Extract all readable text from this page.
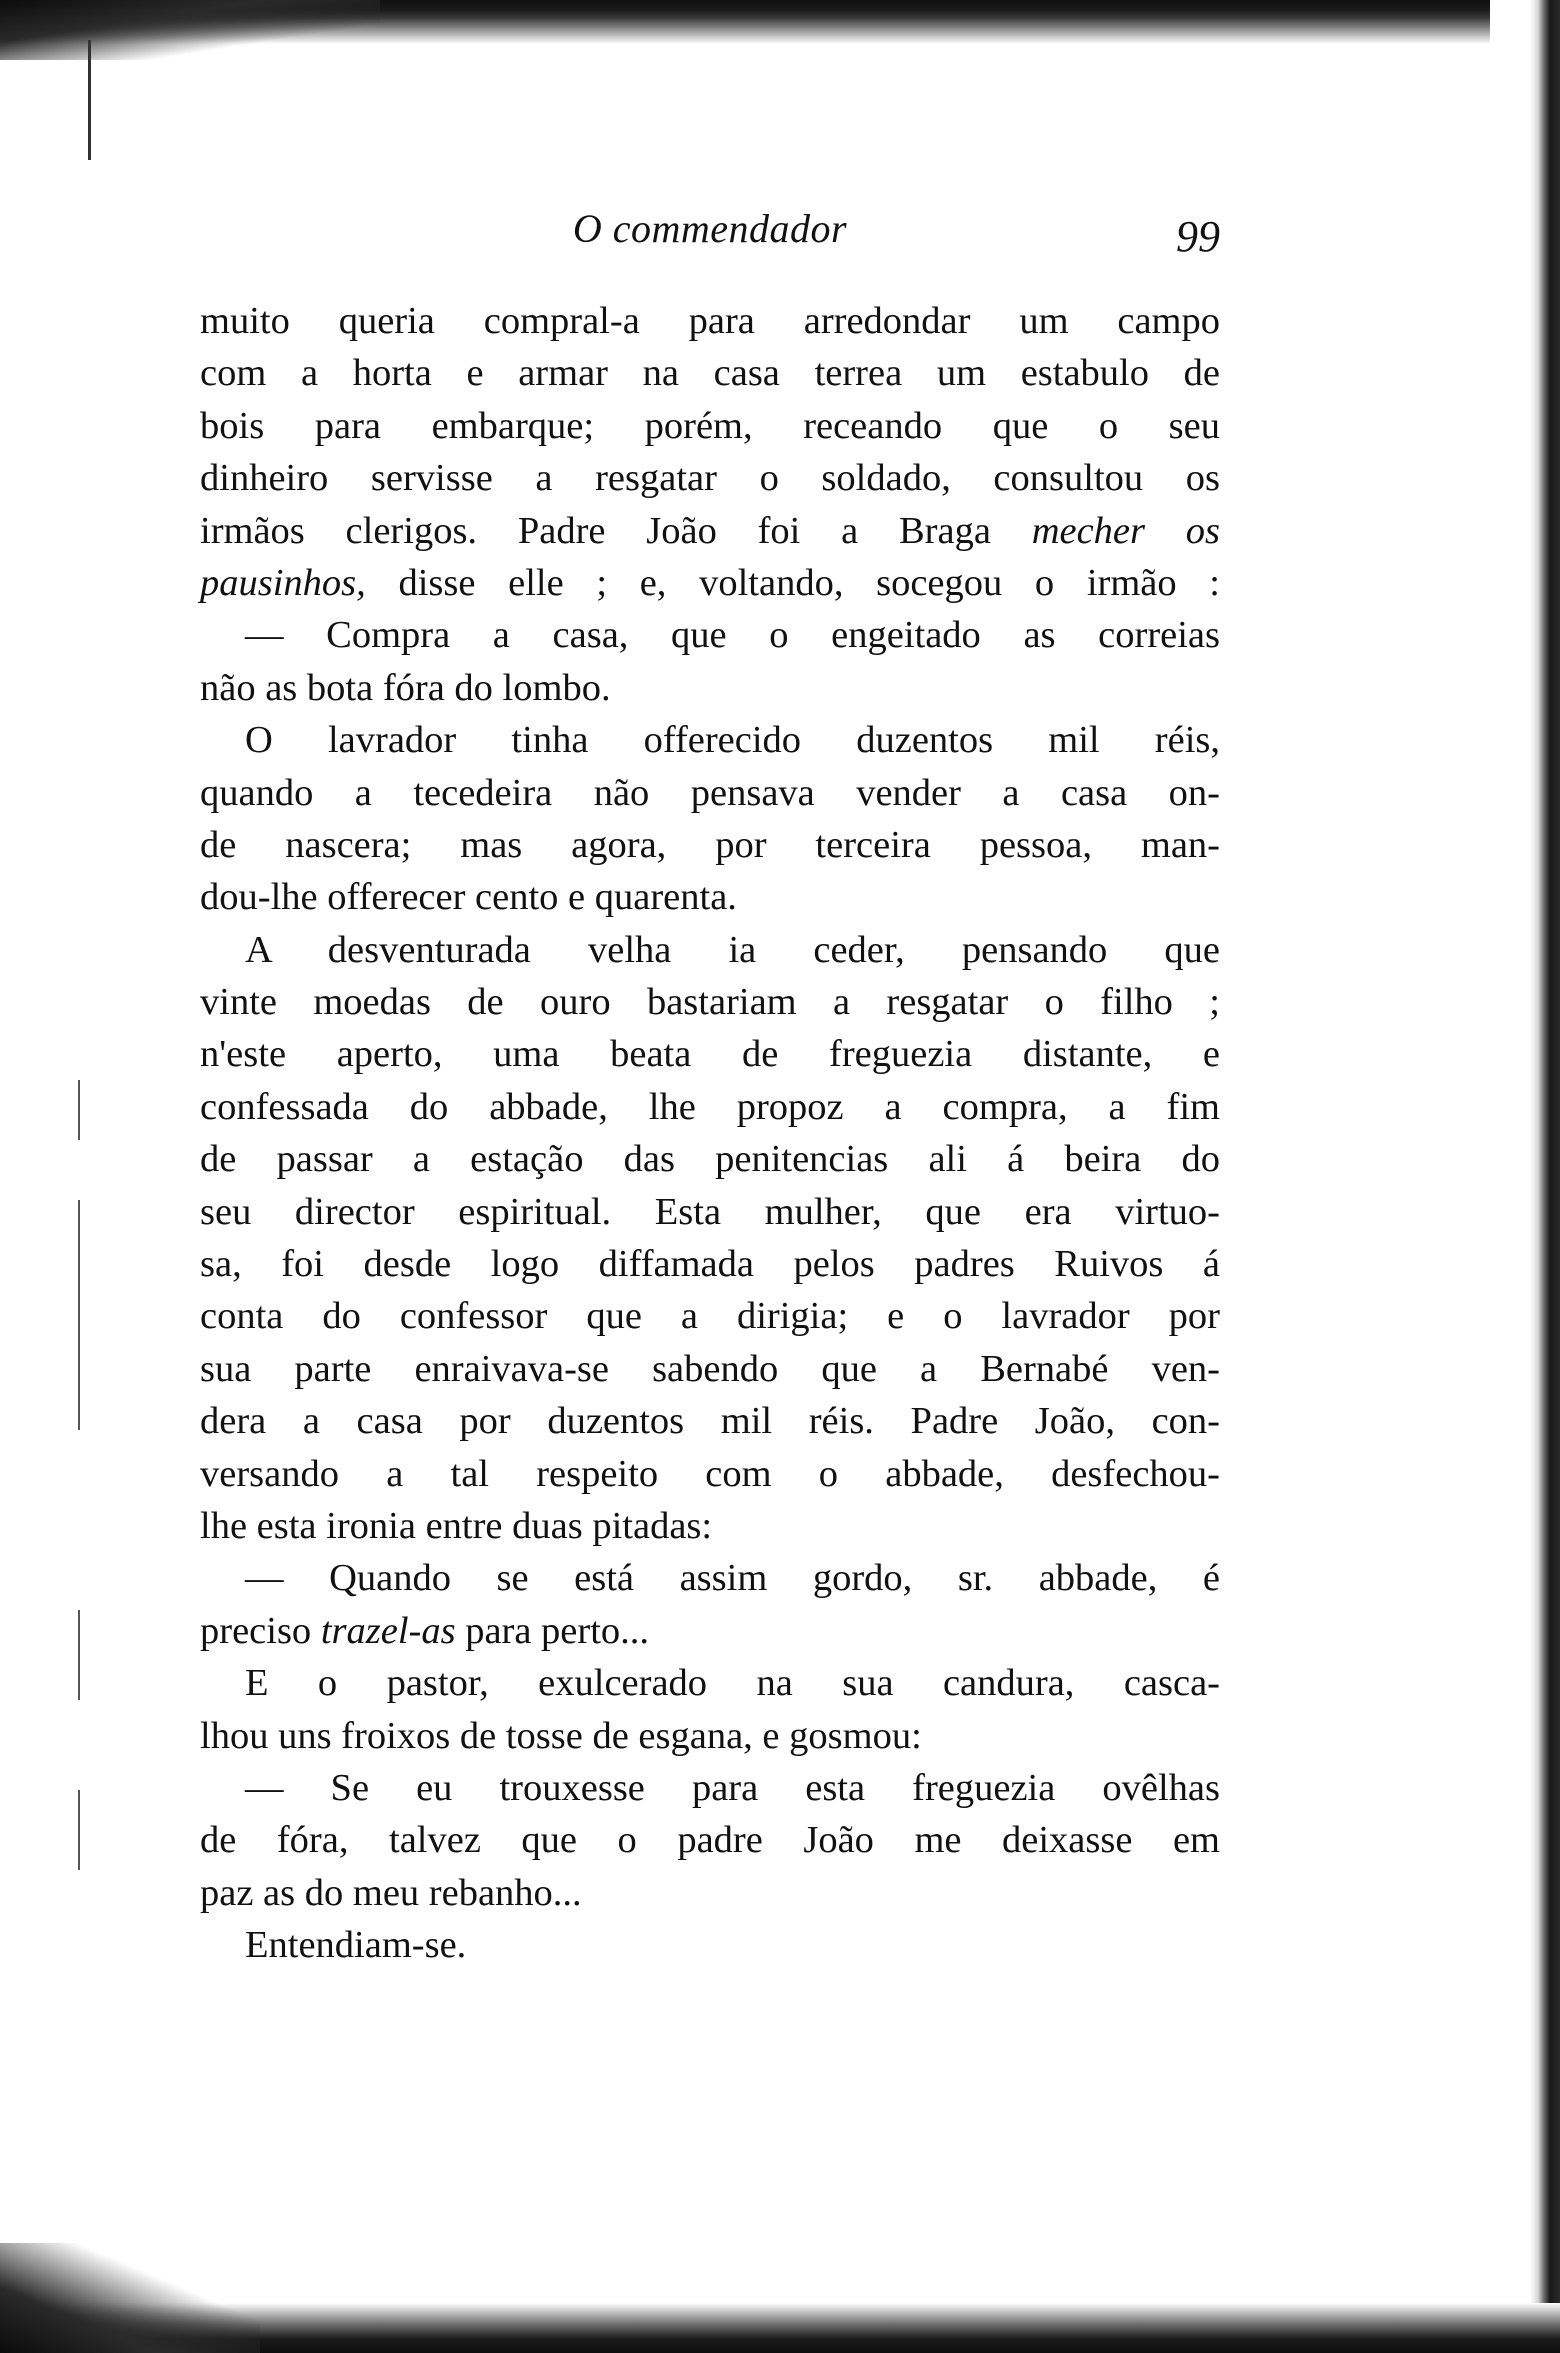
O commendador	99
muito queria compral-a para arredondar um campo
com a horta e armar na casa terrea um estabulo de
bois para embarque; porém, receando que o seu
dinheiro servisse a resgatar o soldado, consultou os
irmãos clerigos. Padre João foi a Braga mecher os
pausinhos, disse elle ; e, voltando, socegou o irmão :
— Compra a casa, que o engeitado as correias
não as bota fóra do lombo.
O lavrador tinha offerecido duzentos mil réis,
quando a tecedeira não pensava vender a casa on-
de nascera; mas agora, por terceira pessoa, man-
dou-lhe offerecer cento e quarenta.
A desventurada velha ia ceder, pensando que
vinte moedas de ouro bastariam a resgatar o filho ;
n'este aperto, uma beata de freguezia distante, e
confessada do abbade, lhe propoz a compra, a fim
de passar a estação das penitencias ali á beira do
seu director espiritual. Esta mulher, que era virtuo-
sa, foi desde logo diffamada pelos padres Ruivos á
conta do confessor que a dirigia; e o lavrador por
sua parte enraivava-se sabendo que a Bernabé ven-
dera a casa por duzentos mil réis. Padre João, con-
versando a tal respeito com o abbade, desfechou-
lhe esta ironia entre duas pitadas:
— Quando se está assim gordo, sr. abbade, é
preciso trazel-as para perto...
E o pastor, exulcerado na sua candura, casca-
lhou uns froixos de tosse de esgana, e gosmou:
— Se eu trouxesse para esta freguezia ovêlhas
de fóra, talvez que o padre João me deixasse em
paz as do meu rebanho...
Entendiam-se.
